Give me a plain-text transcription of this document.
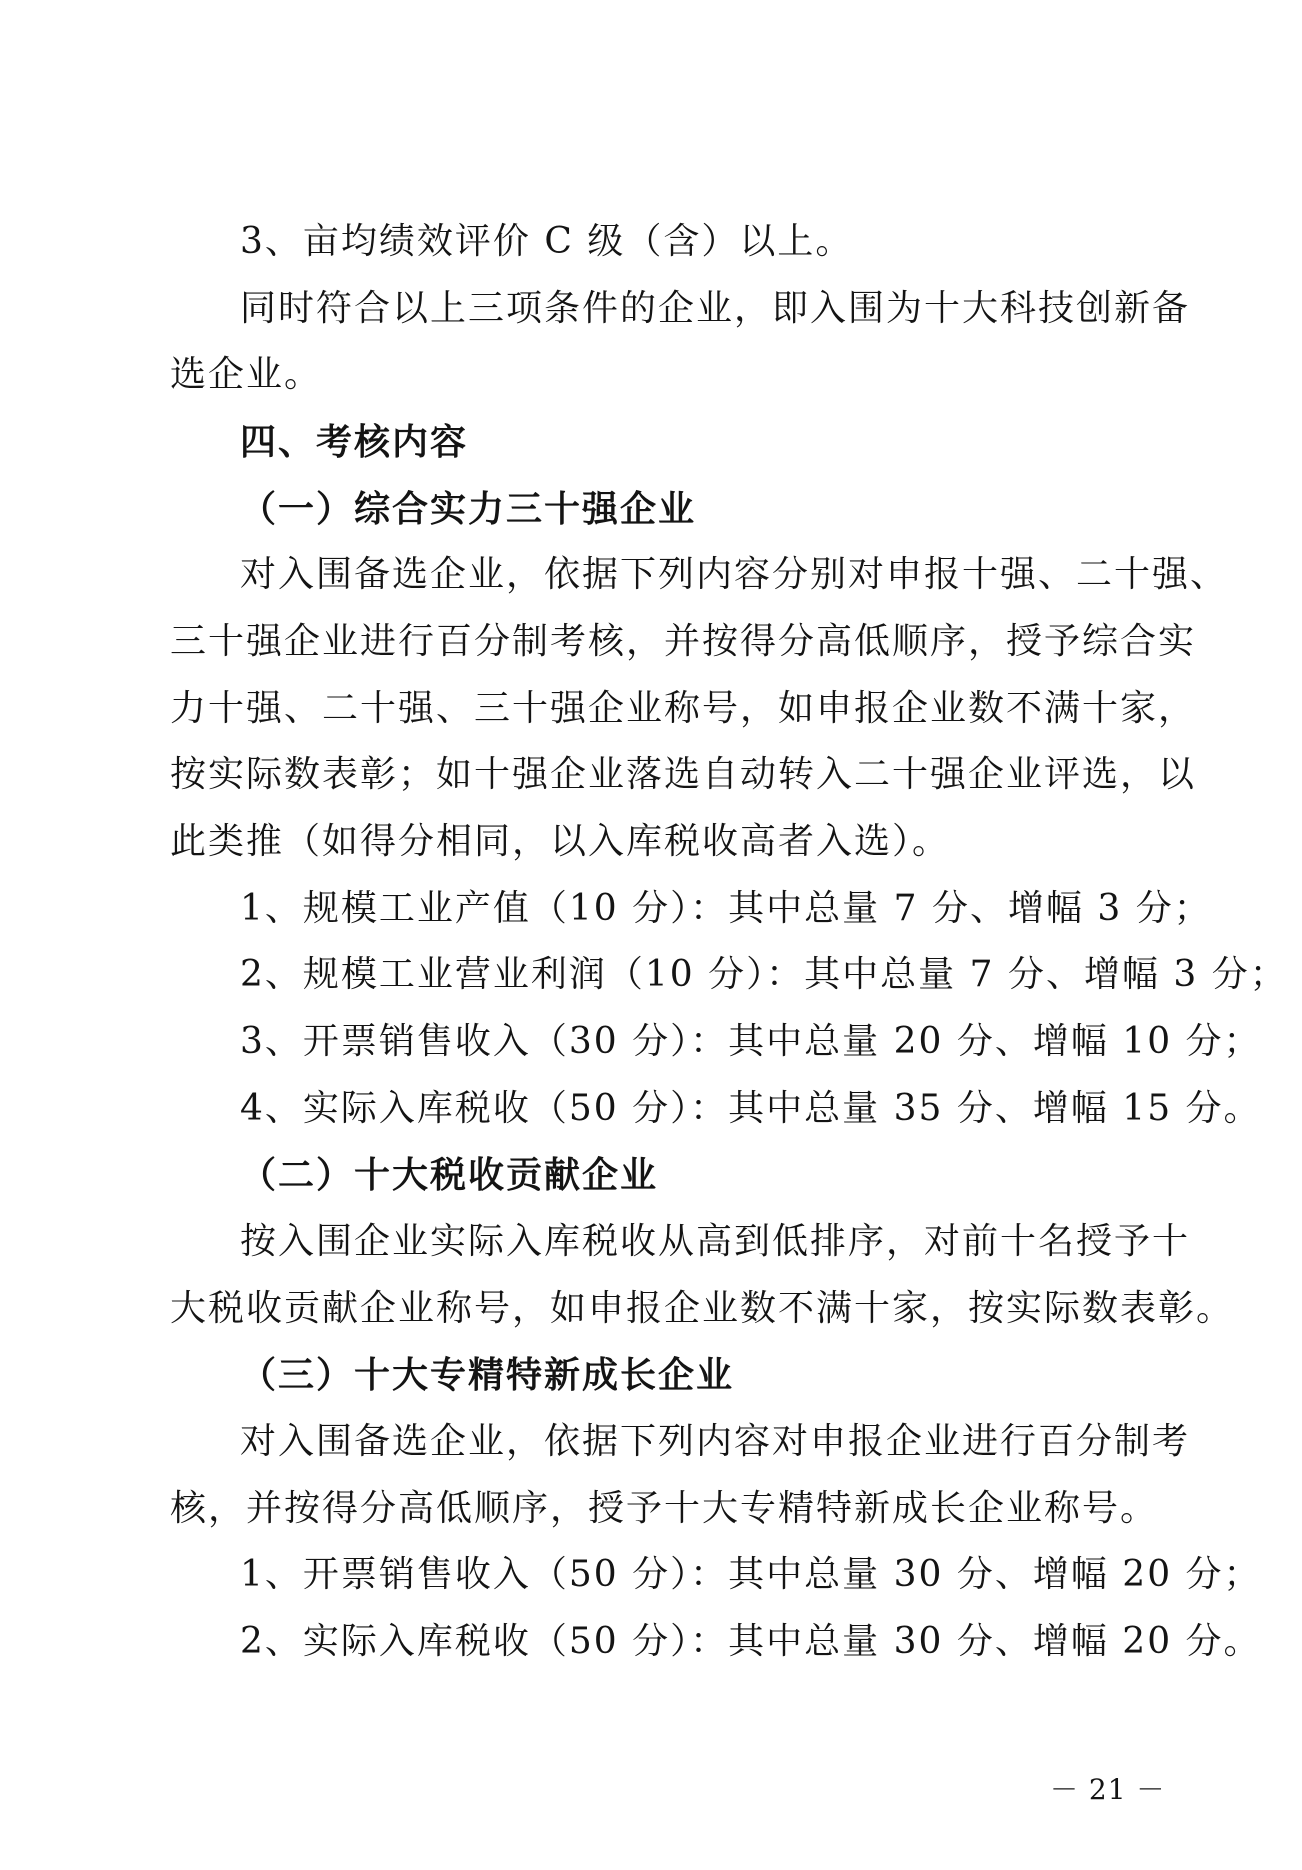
3、亩均绩效评价 C 级（含）以上。
同时符合以上三项条件的企业，即入围为十大科技创新备
选企业。
四、考核内容
（一）综合实力三十强企业
对入围备选企业，依据下列内容分别对申报十强、二十强、
三十强企业进行百分制考核，并按得分高低顺序，授予综合实
力十强、二十强、三十强企业称号，如申报企业数不满十家，
按实际数表彰；如十强企业落选自动转入二十强企业评选，以
此类推（如得分相同，以入库税收高者入选）。
1、规模工业产值（10 分）：其中总量 7 分、增幅 3 分；
2、规模工业营业利润（10 分）：其中总量 7 分、增幅 3 分；
3、开票销售收入（30 分）：其中总量 20 分、增幅 10 分；
4、实际入库税收（50 分）：其中总量 35 分、增幅 15 分。
（二）十大税收贡献企业
按入围企业实际入库税收从高到低排序，对前十名授予十
大税收贡献企业称号，如申报企业数不满十家，按实际数表彰。
（三）十大专精特新成长企业
对入围备选企业，依据下列内容对申报企业进行百分制考
核，并按得分高低顺序，授予十大专精特新成长企业称号。
1、开票销售收入（50 分）：其中总量 30 分、增幅 20 分；
2、实际入库税收（50 分）：其中总量 30 分、增幅 20 分。
－ 21 －
